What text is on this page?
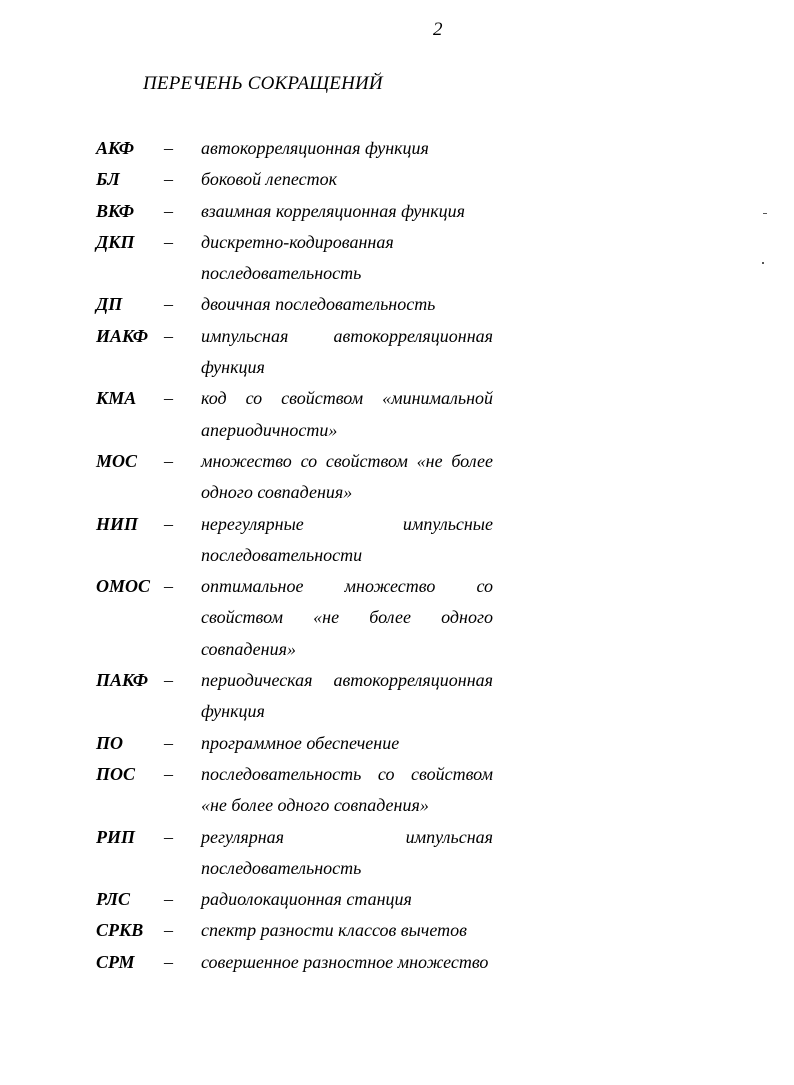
2
ПЕРЕЧЕНЬ СОКРАЩЕНИЙ
АКФ – автокорреляционная функция
БЛ – боковой лепесток
ВКФ – взаимная корреляционная функция
ДКП – дискретно-кодированная последовательность
ДП – двоичная последовательность
ИАКФ – импульсная автокорреляционная функция
КМА – код со свойством «минимальной апериодичности»
МОС – множество со свойством «не более одного совпадения»
НИП – нерегулярные импульсные последовательности
ОМОС – оптимальное множество со свойством «не более одного совпадения»
ПАКФ – периодическая автокорреляционная функция
ПО – программное обеспечение
ПОС – последовательность со свойством «не более одного совпадения»
РИП – регулярная импульсная последовательность
РЛС – радиолокационная станция
СРКВ – спектр разности классов вычетов
СРМ – совершенное разностное множество
